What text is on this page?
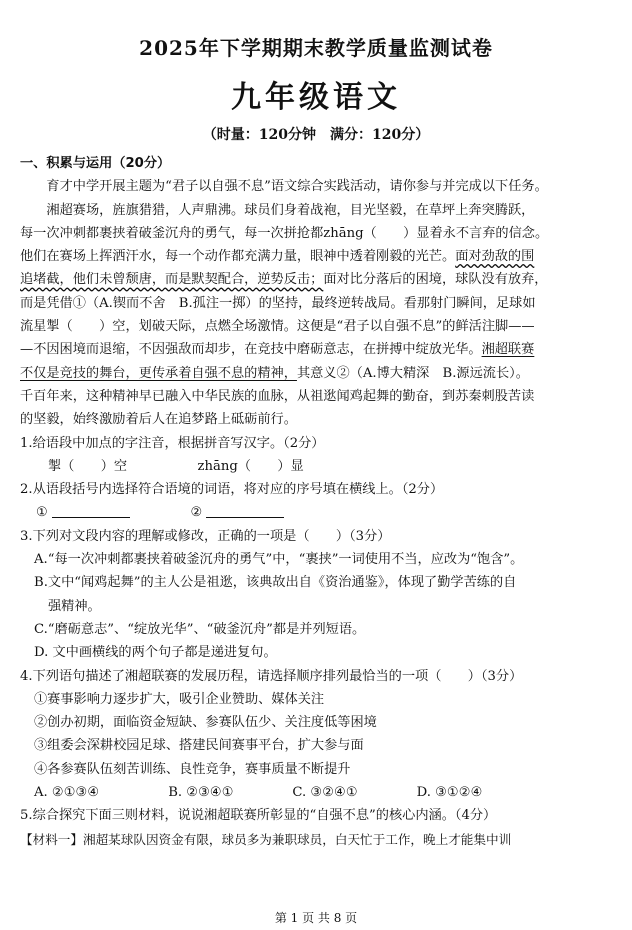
2025年下学期期末教学质量监测试卷
九年级语文
（时量：120分钟　满分：120分）
一、积累与运用（20分）
育才中学开展主题为“君子以自强不息”语文综合实践活动，请你参与并完成以下任务。
湘超赛场，旌旗猎猎，人声鼎沸。球员们身着战袍，目光坚毅，在草坪上奔突腾跃，
每一次冲刺都裹挟着破釜沉舟的勇气，每一次拼抢都zhāng（　　）显着永不言弃的信念。
他们在赛场上挥洒汗水，每一个动作都充满力量，眼神中透着刚毅的光芒。面对劲敌的围
追堵截，他们未曾颓唐，而是默契配合，逆势反击；面对比分落后的困境，球队没有放弃，
而是凭借①（A.锲而不舍　B.孤注一掷）的坚持，最终逆转战局。看那射门瞬间，足球如
流星掣（　　）空，划破天际，点燃全场激情。这便是“君子以自强不息”的鲜活注脚——
—不因困境而退缩，不因强敌而却步，在竞技中磨砺意志，在拼搏中绽放光华。湘超联赛
不仅是竞技的舞台，更传承着自强不息的精神，其意义②（A.博大精深　B.源远流长）。
千百年来，这种精神早已融入中华民族的血脉，从祖逖闻鸡起舞的勤奋，到苏秦刺股苦读
的坚毅，始终激励着后人在追梦路上砥砺前行。
1.给语段中加点的字注音，根据拼音写汉字。（2分）
掣（　　）空	zhāng（　　）显
2.从语段括号内选择符合语境的词语，将对应的序号填在横线上。（2分）
①	②
3.下列对文段内容的理解或修改，正确的一项是（　　）（3分）
A.“每一次冲刺都裹挟着破釜沉舟的勇气”中，“裹挟”一词使用不当，应改为“饱含”。
B.文中“闻鸡起舞”的主人公是祖逖，该典故出自《资治通鉴》，体现了勤学苦练的自
强精神。
C.“磨砺意志”、“绽放光华”、“破釜沉舟”都是并列短语。
D. 文中画横线的两个句子都是递进复句。
4.下列语句描述了湘超联赛的发展历程，请选择顺序排列最恰当的一项（　　）（3分）
①赛事影响力逐步扩大，吸引企业赞助、媒体关注
②创办初期，面临资金短缺、参赛队伍少、关注度低等困境
③组委会深耕校园足球、搭建民间赛事平台，扩大参与面
④各参赛队伍刻苦训练、良性竞争，赛事质量不断提升
A. ②①③④	B. ②③④①	C. ③②④①	D. ③①②④
5.综合探究下面三则材料，说说湘超联赛所彰显的“自强不息”的核心内涵。（4分）
【材料一】湘超某球队因资金有限，球员多为兼职球员，白天忙于工作，晚上才能集中训
第 1 页 共 8 页
